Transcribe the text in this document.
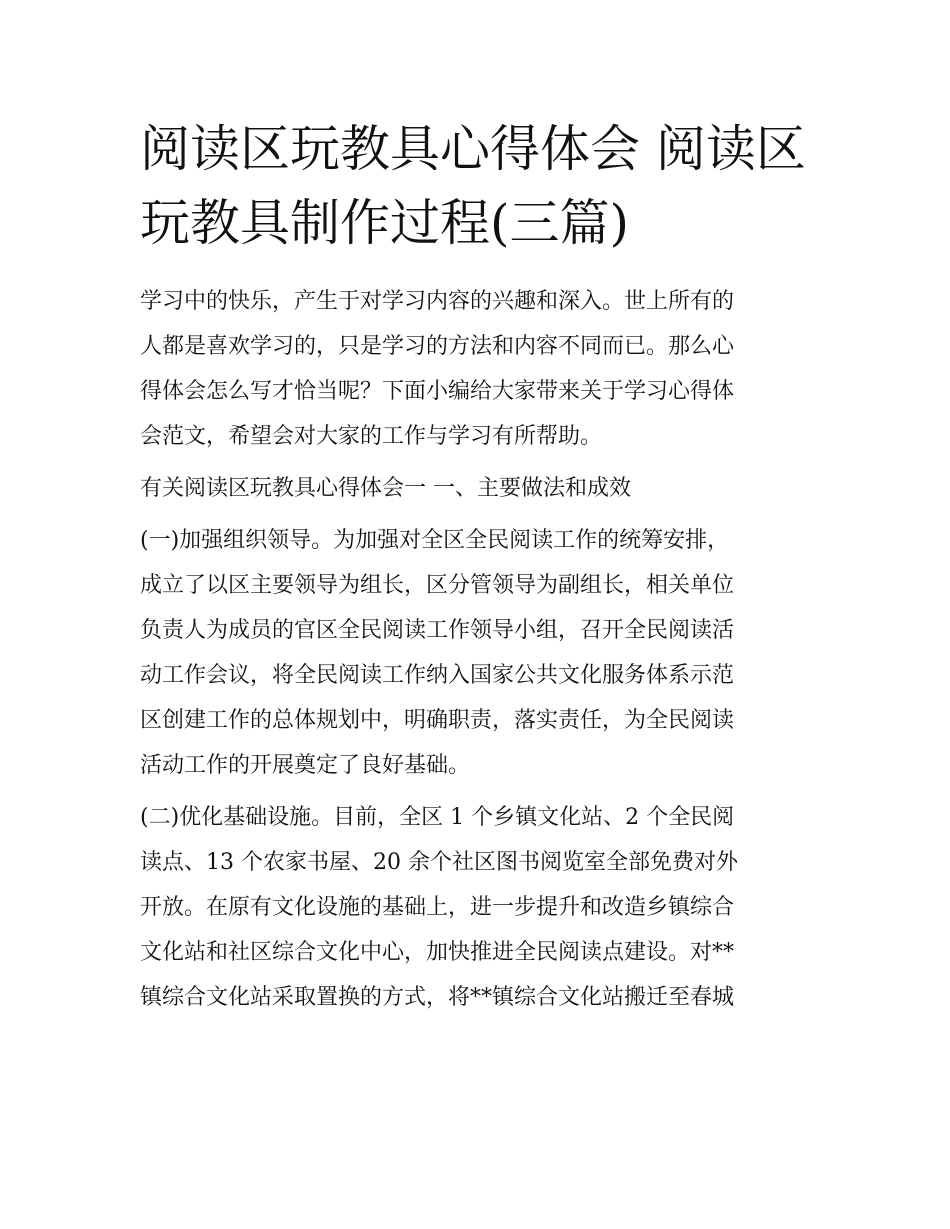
阅读区玩教具心得体会 阅读区
玩教具制作过程(三篇)
学习中的快乐，产生于对学习内容的兴趣和深入。世上所有的
人都是喜欢学习的，只是学习的方法和内容不同而已。那么心
得体会怎么写才恰当呢？下面小编给大家带来关于学习心得体
会范文，希望会对大家的工作与学习有所帮助。
有关阅读区玩教具心得体会一 一、主要做法和成效
(一)加强组织领导。为加强对全区全民阅读工作的统筹安排，
成立了以区主要领导为组长，区分管领导为副组长，相关单位
负责人为成员的官区全民阅读工作领导小组，召开全民阅读活
动工作会议，将全民阅读工作纳入国家公共文化服务体系示范
区创建工作的总体规划中，明确职责，落实责任，为全民阅读
活动工作的开展奠定了良好基础。
(二)优化基础设施。目前，全区 1 个乡镇文化站、2 个全民阅
读点、13 个农家书屋、20 余个社区图书阅览室全部免费对外
开放。在原有文化设施的基础上，进一步提升和改造乡镇综合
文化站和社区综合文化中心，加快推进全民阅读点建设。对**
镇综合文化站采取置换的方式，将**镇综合文化站搬迁至春城
